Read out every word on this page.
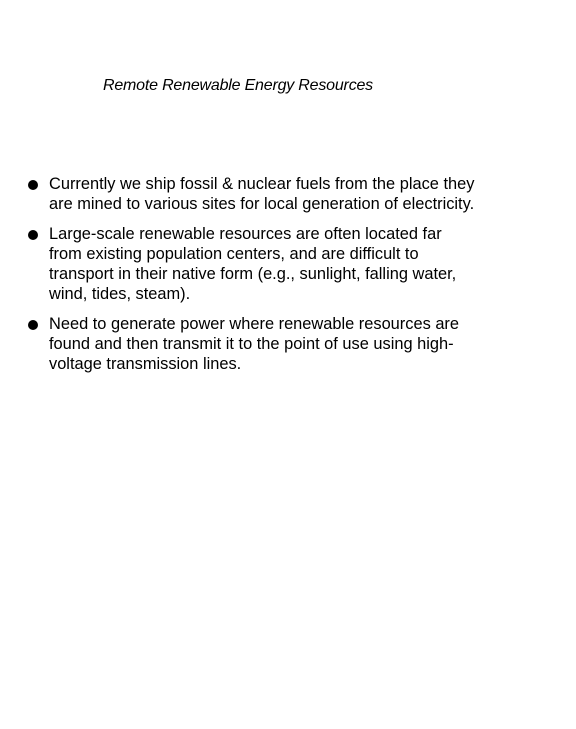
Remote Renewable Energy Resources
Currently we ship fossil & nuclear fuels from the place they
are mined to various sites for local generation of electricity.
Large-scale renewable resources are often located far
from existing population centers, and are difficult to
transport in their native form (e.g., sunlight, falling water,
wind, tides, steam).
Need to generate power where renewable resources are
found and then transmit it to the point of use using high-
voltage transmission lines.
